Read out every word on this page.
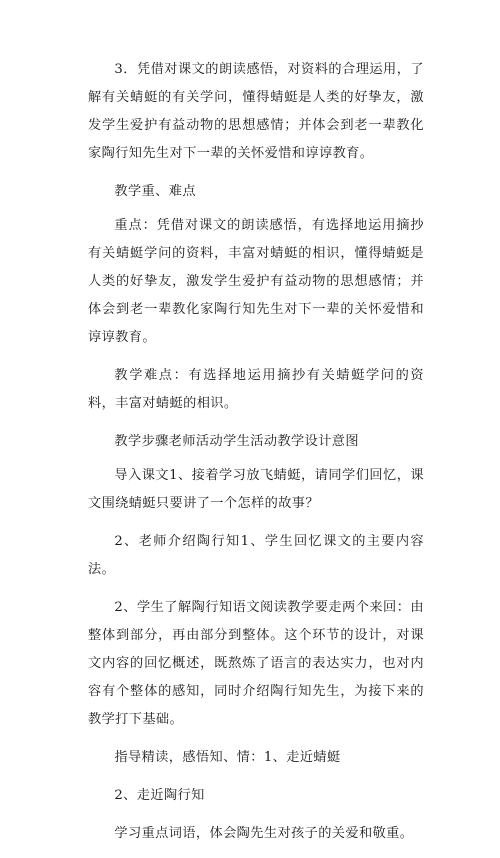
3．凭借对课文的朗读感悟，对资料的合理运用，了解有关蜻蜓的有关学问，懂得蜻蜓是人类的好挚友，激发学生爱护有益动物的思想感情；并体会到老一辈教化家陶行知先生对下一辈的关怀爱惜和谆谆教育。

教学重、难点

重点：凭借对课文的朗读感悟，有选择地运用摘抄有关蜻蜓学问的资料，丰富对蜻蜓的相识，懂得蜻蜓是人类的好挚友，激发学生爱护有益动物的思想感情；并体会到老一辈教化家陶行知先生对下一辈的关怀爱惜和谆谆教育。

教学难点：有选择地运用摘抄有关蜻蜓学问的资料，丰富对蜻蜓的相识。

教学步骤老师活动学生活动教学设计意图

导入课文1、接着学习放飞蜻蜓，请同学们回忆，课文围绕蜻蜓只要讲了一个怎样的故事？

2、老师介绍陶行知1、学生回忆课文的主要内容法。

2、学生了解陶行知语文阅读教学要走两个来回：由整体到部分，再由部分到整体。这个环节的设计，对课文内容的回忆概述，既熬炼了语言的表达实力，也对内容有个整体的感知，同时介绍陶行知先生，为接下来的教学打下基础。

指导精读，感悟知、情：1、走近蜻蜓

2、走近陶行知

学习重点词语，体会陶先生对孩子的关爱和敬重。
